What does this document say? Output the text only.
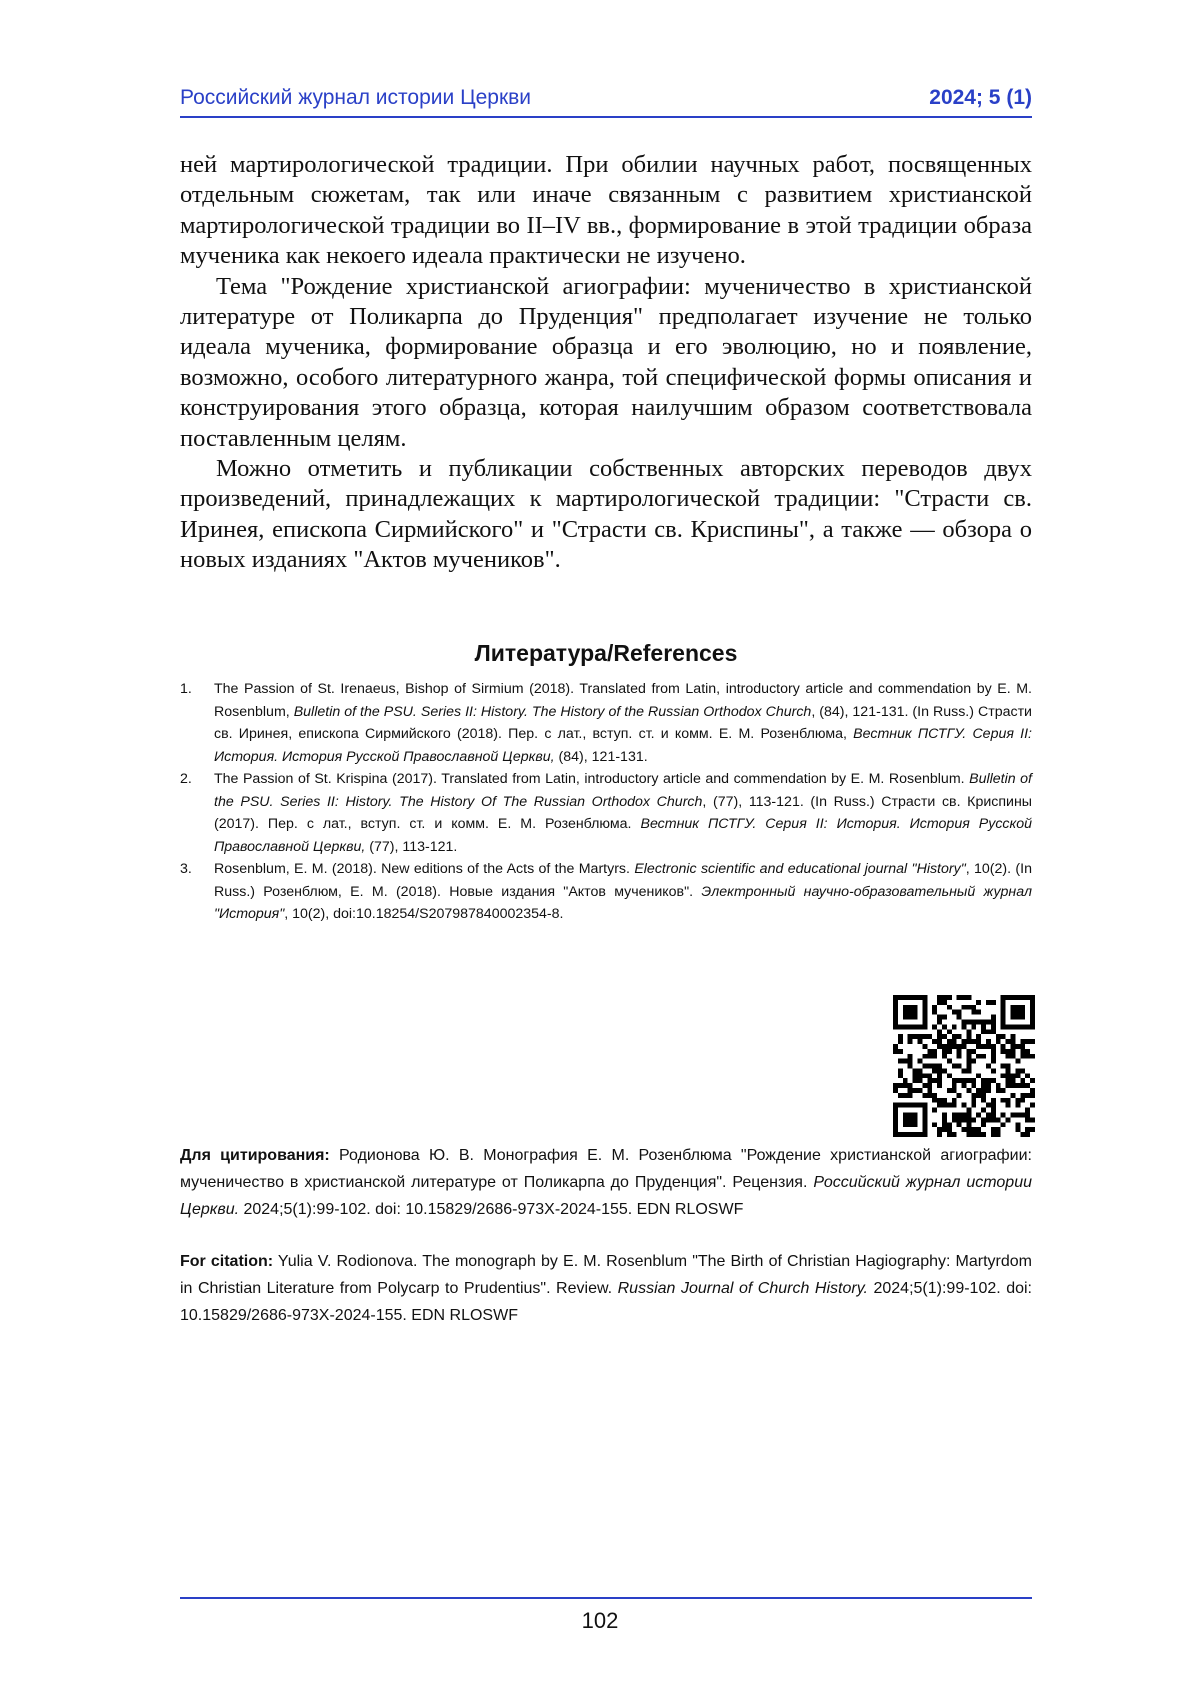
Российский журнал истории Церкви	2024; 5 (1)

ней мартирологической традиции. При обилии научных работ, посвящен­ных отдельным сюжетам, так или иначе связанным с развитием христи­анской мартирологической традиции во II–IV вв., формирование в этой традиции образа мученика как некоего идеала практически не изучено.

Тема "Рождение христианской агиографии: мученичество в христи­анской литературе от Поликарпа до Пруденция" предполагает изучение не только идеала мученика, формирование образца и его эволюцию, но и появление, возможно, особого литературного жанра, той специфической формы описания и конструирования этого образца, которая наилучшим образом соответствовала поставленным целям.

Можно отметить и публикации собственных авторских переводов двух произведений, принадлежащих к мартирологической традиции: "Страсти св. Иринея, епископа Сирмийского" и "Страсти св. Криспины", а также — обзора о новых изданиях "Актов мучеников".

Литература/References
1. The Passion of St. Irenaeus, Bishop of Sirmium (2018). Translated from Latin, introductory article and commendation by E. M. Rosenblum, Bulletin of the PSU. Series II: History. The History of the Russian Orthodox Church, (84), 121-131. (In Russ.) Страсти св. Иринея, епископа Сирмийского (2018). Пер. с лат., вступ. ст. и комм. Е. М. Розенблюма, Вестник ПСТГУ. Серия II: История. История Русской Православной Церкви, (84), 121-131.
2. The Passion of St. Krispina (2017). Translated from Latin, introductory article and commendation by E. M. Rosenblum. Bulletin of the PSU. Series II: History. The History Of The Russian Orthodox Church, (77), 113-121. (In Russ.) Страсти св. Криспины (2017). Пер. с лат., вступ. ст. и комм. Е. М. Розенблюма. Вестник ПСТГУ. Серия II: История. История Русской Православной Церкви, (77), 113-121.
3. Rosenblum, E. M. (2018). New editions of the Acts of the Martyrs. Electronic scientific and educational journal "History", 10(2). (In Russ.) Розенблюм, Е. М. (2018). Новые издания "Актов мучеников". Электронный научно-образовательный журнал "История", 10(2), doi:10.18254/S207987840002354-8.
Для цитирования: Родионова Ю. В. Монография Е. М. Розенблюма "Рождение христианской агиографии: мученичество в христианской литературе от Поликарпа до Пруденция". Рецензия. Российский журнал исто­рии Церкви. 2024;5(1):99-102. doi: 10.15829/2686-973X-2024-155. EDN RLOSWF
For citation: Yulia V. Rodionova. The monograph by E. M. Rosenblum "The Birth of Christian Hagiography: Martyrdom in Christian Literature from Polycarp to Prudentius". Review. Russian Journal of Church History. 2024;5(1):99-102. doi: 10.15829/2686-973X-2024-155. EDN RLOSWF
102
